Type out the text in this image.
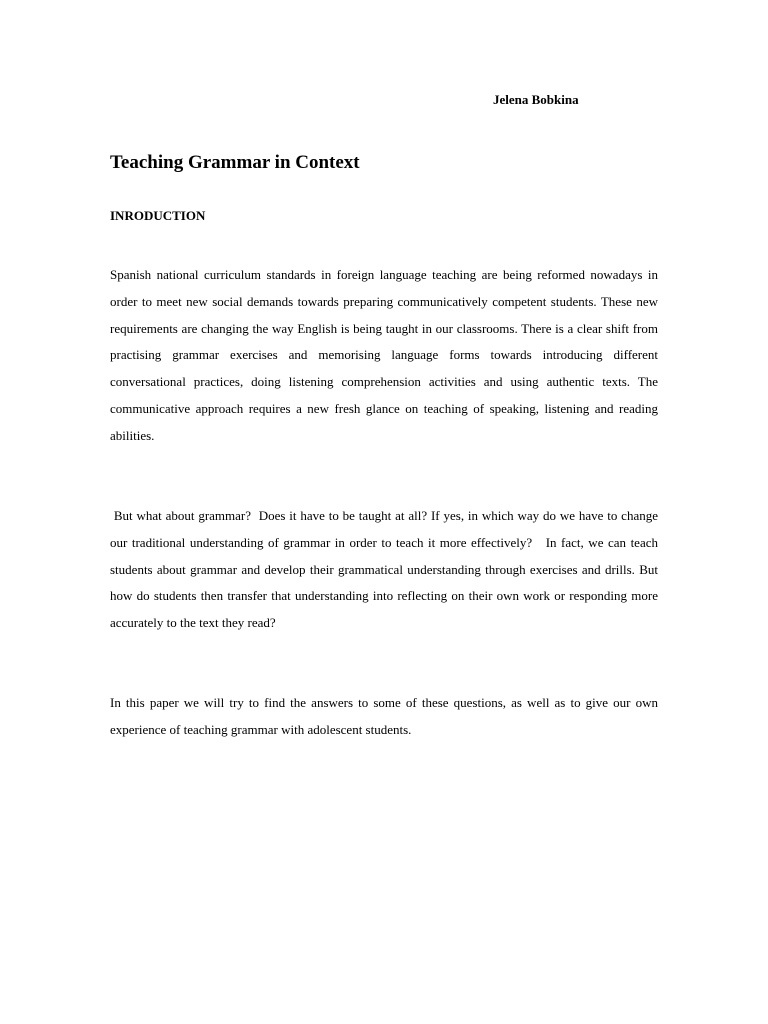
Jelena Bobkina
Teaching Grammar in Context
INRODUCTION

Spanish national curriculum standards in foreign language teaching are being reformed nowadays in order to meet new social demands towards preparing communicatively competent students. These new requirements are changing the way English is being taught in our classrooms. There is a clear shift from practising grammar exercises and memorising language forms towards introducing different conversational practices, doing listening comprehension activities and using authentic texts. The communicative approach requires a new fresh glance on teaching of speaking, listening and reading abilities.

But what about grammar?  Does it have to be taught at all? If yes, in which way do we have to change our traditional understanding of grammar in order to teach it more effectively?   In fact, we can teach students about grammar and develop their grammatical understanding through exercises and drills. But how do students then transfer that understanding into reflecting on their own work or responding more accurately to the text they read?

In this paper we will try to find the answers to some of these questions, as well as to give our own experience of teaching grammar with adolescent students.
